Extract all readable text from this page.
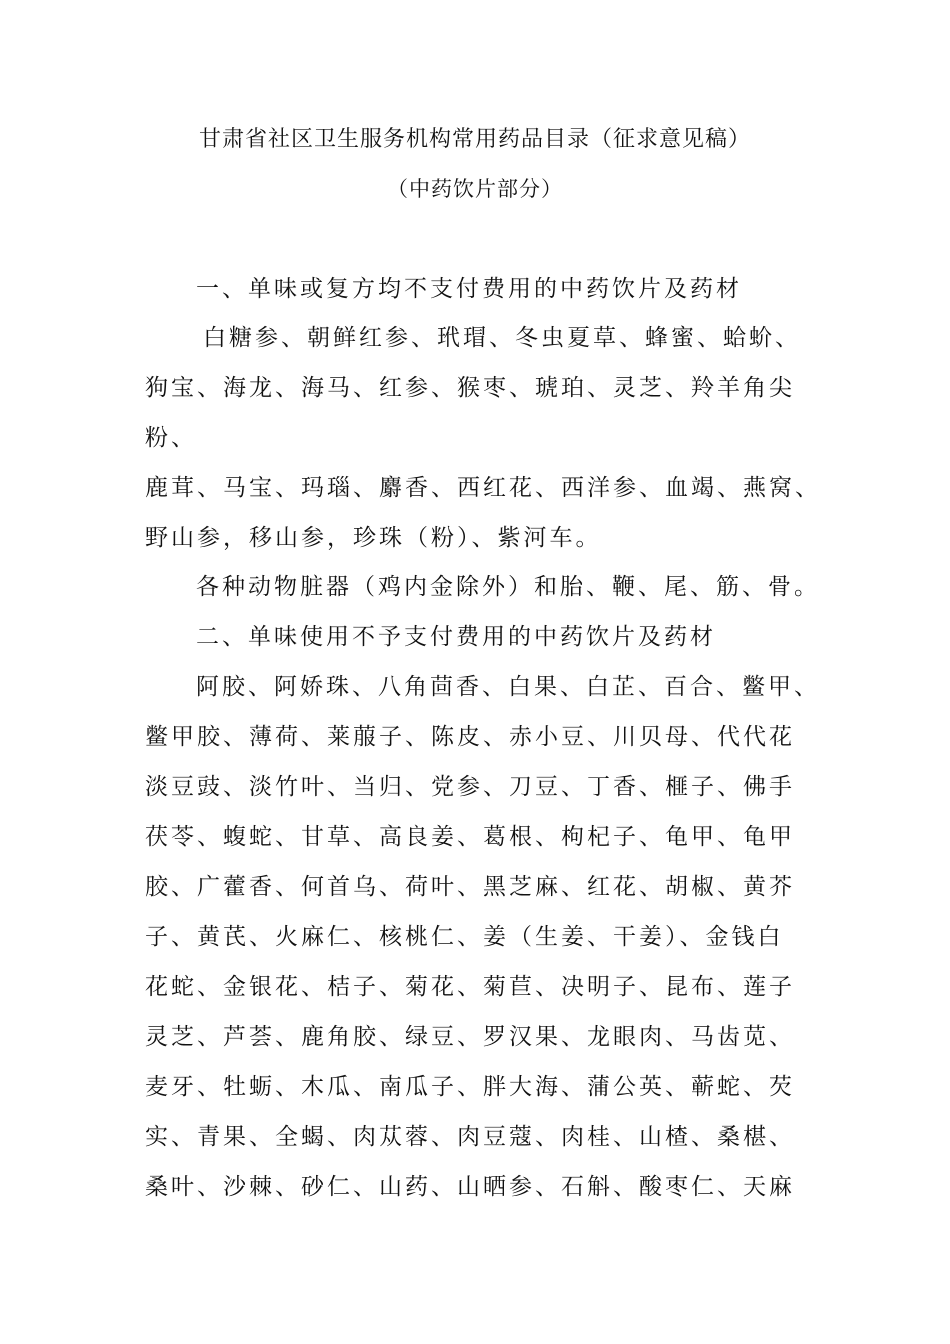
甘肃省社区卫生服务机构常用药品目录（征求意见稿）
（中药饮片部分）
一、单味或复方均不支付费用的中药饮片及药材
白糖参、朝鲜红参、玳瑁、冬虫夏草、蜂蜜、蛤蚧、
狗宝、海龙、海马、红参、猴枣、琥珀、灵芝、羚羊角尖
粉、
鹿茸、马宝、玛瑙、麝香、西红花、西洋参、血竭、燕窝、
野山参，移山参，珍珠（粉）、紫河车。
各种动物脏器（鸡内金除外）和胎、鞭、尾、筋、骨。
二、单味使用不予支付费用的中药饮片及药材
阿胶、阿娇珠、八角茴香、白果、白芷、百合、鳖甲、
鳖甲胶、薄荷、莱菔子、陈皮、赤小豆、川贝母、代代花
淡豆豉、淡竹叶、当归、党参、刀豆、丁香、榧子、佛手
茯苓、蝮蛇、甘草、高良姜、葛根、枸杞子、龟甲、龟甲
胶、广藿香、何首乌、荷叶、黑芝麻、红花、胡椒、黄芥
子、黄芪、火麻仁、核桃仁、姜（生姜、干姜）、金钱白
花蛇、金银花、桔子、菊花、菊苣、决明子、昆布、莲子
灵芝、芦荟、鹿角胶、绿豆、罗汉果、龙眼肉、马齿苋、
麦牙、牡蛎、木瓜、南瓜子、胖大海、蒲公英、蕲蛇、芡
实、青果、全蝎、肉苁蓉、肉豆蔻、肉桂、山楂、桑椹、
桑叶、沙棘、砂仁、山药、山晒参、石斛、酸枣仁、天麻
